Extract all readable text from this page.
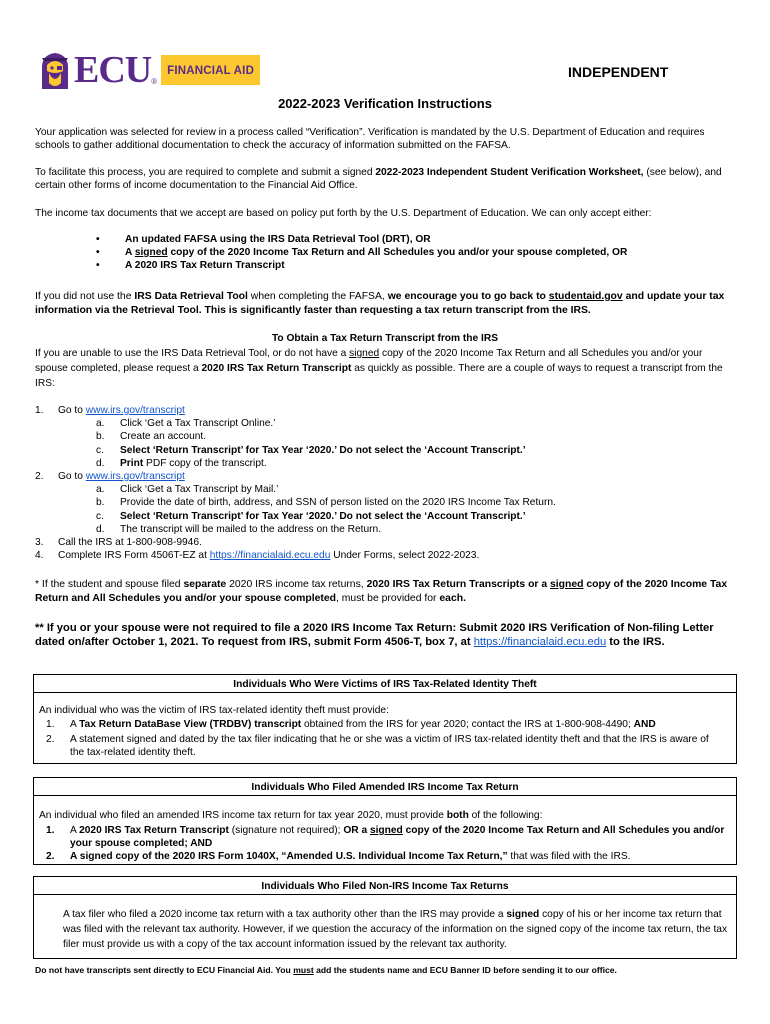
ECU ®
FINANCIAL AID	INDEPENDENT
2022-2023 Verification Instructions
Your application was selected for review in a process called “Verification”. Verification is mandated by the U.S. Department of Education and requires schools to gather additional documentation to check the accuracy of information submitted on the FAFSA.
To facilitate this process, you are required to complete and submit a signed 2022-2023 Independent Student Verification Worksheet, (see below), and certain other forms of income documentation to the Financial Aid Office.
The income tax documents that we accept are based on policy put forth by the U.S. Department of Education. We can only accept either:
• An updated FAFSA using the IRS Data Retrieval Tool (DRT), OR
• A signed copy of the 2020 Income Tax Return and All Schedules you and/or your spouse completed, OR
• A 2020 IRS Tax Return Transcript
If you did not use the IRS Data Retrieval Tool when completing the FAFSA, we encourage you to go back to studentaid.gov and update your tax information via the Retrieval Tool. This is significantly faster than requesting a tax return transcript from the IRS.
To Obtain a Tax Return Transcript from the IRS
If you are unable to use the IRS Data Retrieval Tool, or do not have a signed copy of the 2020 Income Tax Return and all Schedules you and/or your spouse completed, please request a 2020 IRS Tax Return Transcript as quickly as possible. There are a couple of ways to request a transcript from the IRS:
1. Go to www.irs.gov/transcript
a. Click ‘Get a Tax Transcript Online.’
b. Create an account.
c. Select ‘Return Transcript’ for Tax Year ‘2020.’ Do not select the ‘Account Transcript.’
d. Print PDF copy of the transcript.
2. Go to www.irs.gov/transcript
a. Click ‘Get a Tax Transcript by Mail.’
b. Provide the date of birth, address, and SSN of person listed on the 2020 IRS Income Tax Return.
c. Select ‘Return Transcript’ for Tax Year ‘2020.’ Do not select the ‘Account Transcript.’
d. The transcript will be mailed to the address on the Return.
3. Call the IRS at 1-800-908-9946.
4. Complete IRS Form 4506T-EZ at https://financialaid.ecu.edu Under Forms, select 2022-2023.
* If the student and spouse filed separate 2020 IRS income tax returns, 2020 IRS Tax Return Transcripts or a signed copy of the 2020 Income Tax Return and All Schedules you and/or your spouse completed, must be provided for each.
** If you or your spouse were not required to file a 2020 IRS Income Tax Return: Submit 2020 IRS Verification of Non-filing Letter dated on/after October 1, 2021. To request from IRS, submit Form 4506-T, box 7, at https://financialaid.ecu.edu to the IRS.
Individuals Who Were Victims of IRS Tax-Related Identity Theft
An individual who was the victim of IRS tax-related identity theft must provide:
1. A Tax Return DataBase View (TRDBV) transcript obtained from the IRS for year 2020; contact the IRS at 1-800-908-4490; AND
2. A statement signed and dated by the tax filer indicating that he or she was a victim of IRS tax-related identity theft and that the IRS is aware of the tax-related identity theft.
Individuals Who Filed Amended IRS Income Tax Return
An individual who filed an amended IRS income tax return for tax year 2020, must provide both of the following:
1. A 2020 IRS Tax Return Transcript (signature not required); OR a signed copy of the 2020 Income Tax Return and All Schedules you and/or your spouse completed; AND
2. A signed copy of the 2020 IRS Form 1040X, “Amended U.S. Individual Income Tax Return,” that was filed with the IRS.
Individuals Who Filed Non-IRS Income Tax Returns
A tax filer who filed a 2020 income tax return with a tax authority other than the IRS may provide a signed copy of his or her income tax return that was filed with the relevant tax authority. However, if we question the accuracy of the information on the signed copy of the income tax return, the tax filer must provide us with a copy of the tax account information issued by the relevant tax authority.
Do not have transcripts sent directly to ECU Financial Aid. You must add the students name and ECU Banner ID before sending it to our office.
